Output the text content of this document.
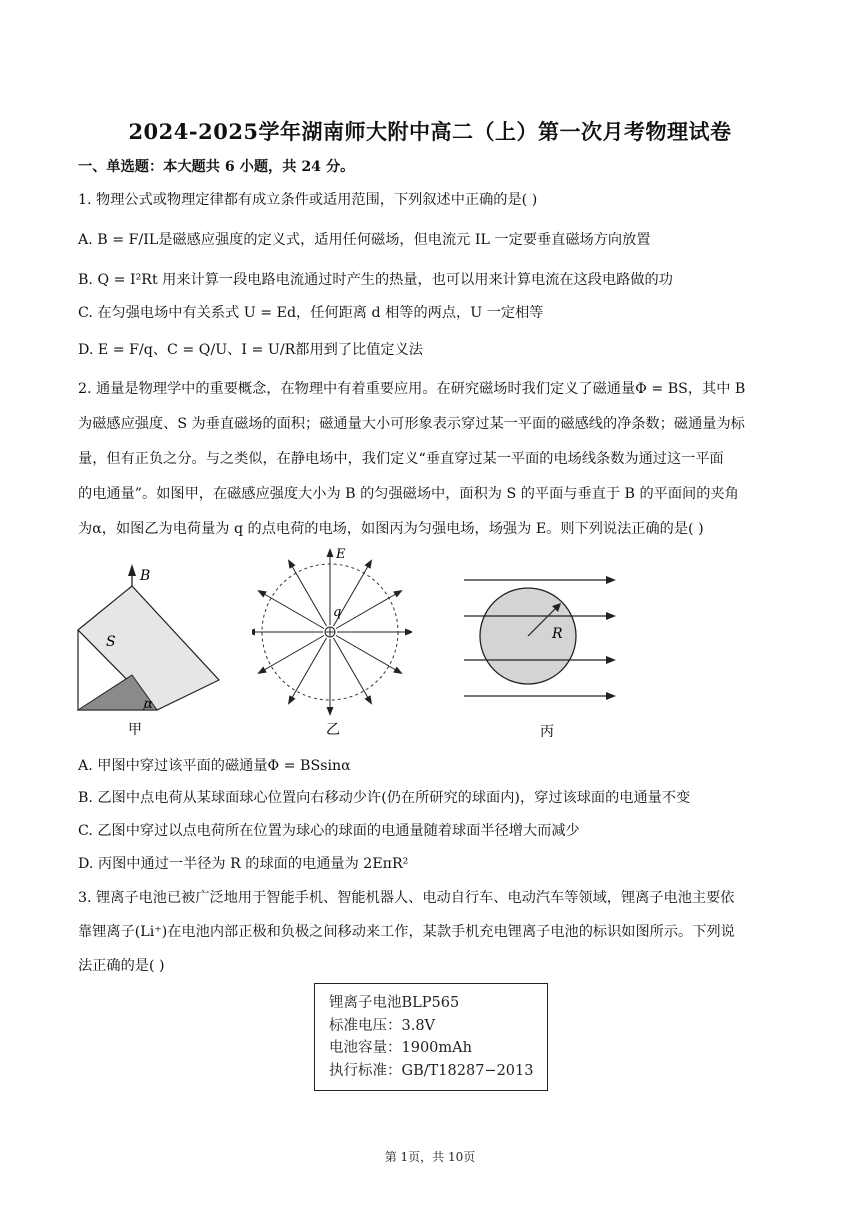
2024-2025学年湖南师大附中高二（上）第一次月考物理试卷
一、单选题：本大题共 6 小题，共 24 分。
1. 物理公式或物理定律都有成立条件或适用范围，下列叙述中正确的是( )
A. B = F/IL是磁感应强度的定义式，适用任何磁场，但电流元 IL 一定要垂直磁场方向放置
B. Q = I²Rt 用来计算一段电路电流通过时产生的热量，也可以用来计算电流在这段电路做的功
C. 在匀强电场中有关系式 U = Ed，任何距离 d 相等的两点，U 一定相等
D. E = F/q、C = Q/U、I = U/R都用到了比值定义法
2. 通量是物理学中的重要概念，在物理中有着重要应用。在研究磁场时我们定义了磁通量Φ = BS，其中 B
为磁感应强度、S 为垂直磁场的面积；磁通量大小可形象表示穿过某一平面的磁感线的净条数；磁通量为标
量，但有正负之分。与之类似，在静电场中，我们定义“垂直穿过某一平面的电场线条数为通过这一平面
的电通量”。如图甲，在磁感应强度大小为 B 的匀强磁场中，面积为 S 的平面与垂直于 B 的平面间的夹角
为α，如图乙为电荷量为 q 的点电荷的电场，如图丙为匀强电场，场强为 E。则下列说法正确的是( )
B
S
α
甲
E
q
乙
R
丙
A. 甲图中穿过该平面的磁通量Φ = BSsinα
B. 乙图中点电荷从某球面球心位置向右移动少许(仍在所研究的球面内)，穿过该球面的电通量不变
C. 乙图中穿过以点电荷所在位置为球心的球面的电通量随着球面半径增大而减少
D. 丙图中通过一半径为 R 的球面的电通量为 2EπR²
3. 锂离子电池已被广泛地用于智能手机、智能机器人、电动自行车、电动汽车等领域，锂离子电池主要依
靠锂离子(Li⁺)在电池内部正极和负极之间移动来工作，某款手机充电锂离子电池的标识如图所示。下列说
法正确的是( )
锂离子电池BLP565
标准电压：3.8V
电池容量：1900mAh
执行标准：GB/T18287−2013
第 1页，共 10页
